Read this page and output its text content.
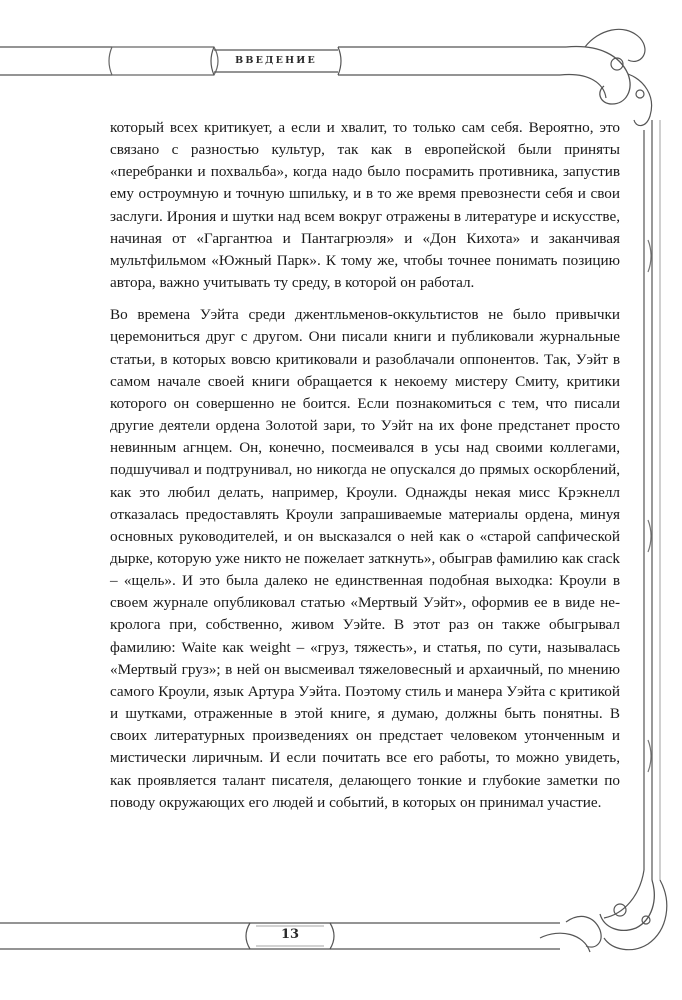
ВВЕДЕНИЕ

который всех критикует, а если и хвалит, то только сам себя. Вероятно, это связано с разностью культур, так как в европейской были приняты «перебранки и похвальба», когда надо было посрамить противника, запустив ему остроумную и точную шпильку, и в то же время превознести себя и свои заслуги. Ирония и шутки над всем вокруг отражены в литературе и искусстве, начиная от «Гаргантюа и Пантагрюэля» и «Дон Кихота» и заканчивая мультфильмом «Южный Парк». К тому же, чтобы точнее понимать позицию автора, важно учитывать ту среду, в которой он работал.

Во времена Уэйта среди джентльменов-оккультистов не было привычки церемониться друг с другом. Они писали книги и публиковали журнальные статьи, в которых вовсю критиковали и разоблачали оппонентов. Так, Уэйт в самом начале своей книги обращается к некоему мистеру Смиту, критики которого он совершенно не боится. Если познакомиться с тем, что писали другие деятели ордена Золотой зари, то Уэйт на их фоне предстанет просто невинным агнцем. Он, конечно, посмеивался в усы над своими коллегами, подшучивал и подтрунивал, но никогда не опускался до прямых оскорблений, как это любил делать, например, Кроули. Однажды некая мисс Крэкнелл отказалась предоставлять Кроули запрашиваемые материалы ордена, минуя основных руководителей, и он высказался о ней как о «старой сапфической дырке, которую уже никто не пожелает заткнуть», обыграв фамилию как crack – «щель». И это была далеко не единственная подобная выходка: Кроули в своем журнале опубликовал статью «Мертвый Уэйт», оформив ее в виде некролога при, собственно, живом Уэйте. В этот раз он также обыгрывал фамилию: Waite как weight – «груз, тяжесть», и статья, по сути, называлась «Мертвый груз»; в ней он высмеивал тяжеловесный и архаичный, по мнению самого Кроули, язык Артура Уэйта. Поэтому стиль и манера Уэйта с критикой и шутками, отраженные в этой книге, я думаю, должны быть понятны. В своих литературных произведениях он предстает человеком утонченным и мистически лиричным. И если почитать все его работы, то можно увидеть, как проявляется талант писателя, делающего тонкие и глубокие заметки по поводу окружающих его людей и событий, в которых он принимал участие.

13
